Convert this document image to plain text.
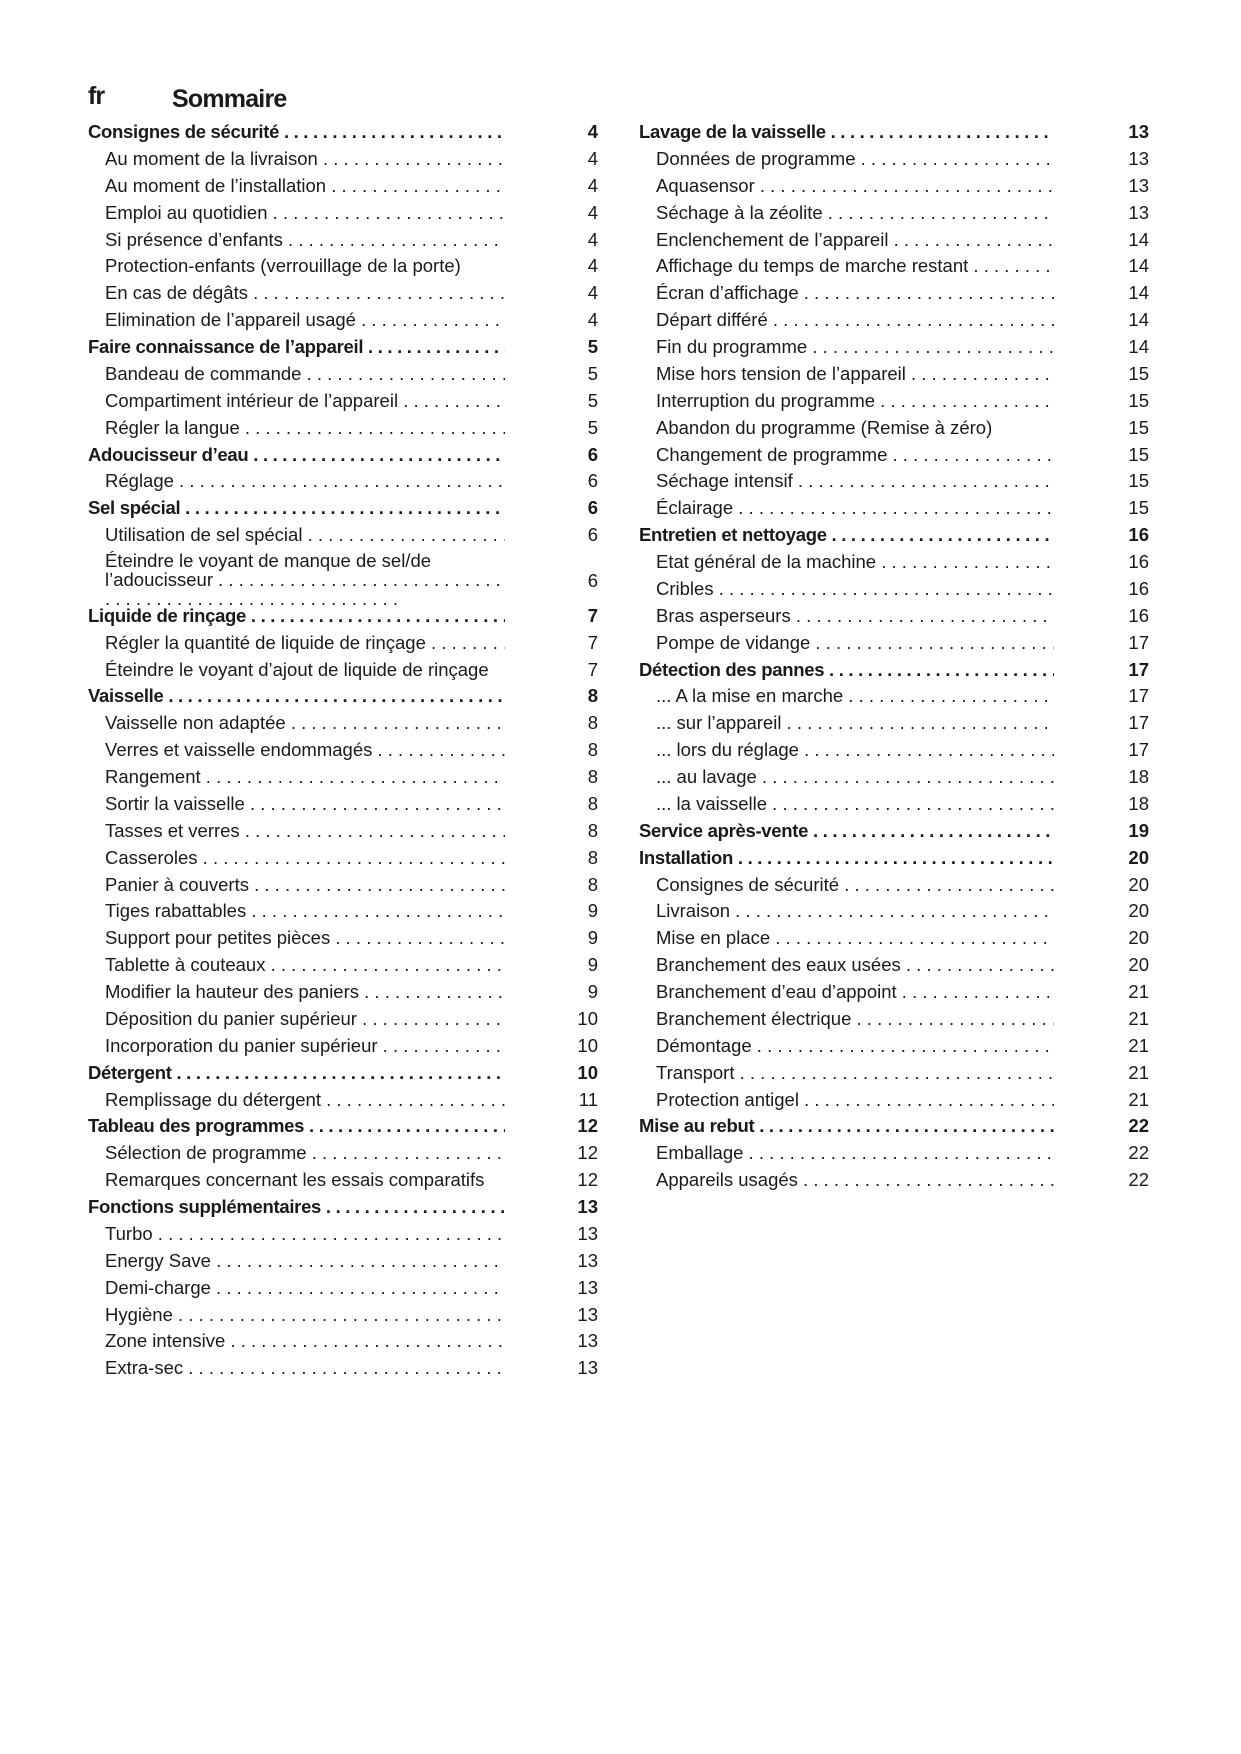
fr	Sommaire
Consignes de sécurité . . .	4
Au moment de la livraison . . .	4
Au moment de l’installation . . .	4
Emploi au quotidien . . .	4
Si présence d’enfants . . .	4
Protection-enfants (verrouillage de la porte)	4
En cas de dégâts . . .	4
Elimination de l’appareil usagé . . .	4
Faire connaissance de l’appareil . . .	5
Bandeau de commande . . .	5
Compartiment intérieur de l’appareil . . .	5
Régler la langue . . .	5
Adoucisseur d’eau . . .	6
Réglage . . .	6
Sel spécial . . .	6
Utilisation de sel spécial . . .	6
Éteindre le voyant de manque de sel/de l’adoucisseur . . .	6
Liquide de rinçage . . .	7
Régler la quantité de liquide de rinçage . . .	7
Éteindre le voyant d’ajout de liquide de rinçage	7
Vaisselle . . .	8
Vaisselle non adaptée . . .	8
Verres et vaisselle endommagés . . .	8
Rangement . . .	8
Sortir la vaisselle . . .	8
Tasses et verres . . .	8
Casseroles . . .	8
Panier à couverts . . .	8
Tiges rabattables . . .	9
Support pour petites pièces . . .	9
Tablette à couteaux . . .	9
Modifier la hauteur des paniers . . .	9
Déposition du panier supérieur . . .	10
Incorporation du panier supérieur . . .	10
Détergent . . .	10
Remplissage du détergent . . .	11
Tableau des programmes . . .	12
Sélection de programme . . .	12
Remarques concernant les essais comparatifs	12
Fonctions supplémentaires . . .	13
Turbo . . .	13
Energy Save . . .	13
Demi-charge . . .	13
Hygiène . . .	13
Zone intensive . . .	13
Extra-sec . . .	13
Lavage de la vaisselle . . .	13
Données de programme . . .	13
Aquasensor . . .	13
Séchage à la zéolite . . .	13
Enclenchement de l’appareil . . .	14
Affichage du temps de marche restant . . .	14
Écran d’affichage . . .	14
Départ différé . . .	14
Fin du programme . . .	14
Mise hors tension de l’appareil . . .	15
Interruption du programme . . .	15
Abandon du programme (Remise à zéro)	15
Changement de programme . . .	15
Séchage intensif . . .	15
Éclairage . . .	15
Entretien et nettoyage . . .	16
Etat général de la machine . . .	16
Cribles . . .	16
Bras asperseurs . . .	16
Pompe de vidange . . .	17
Détection des pannes . . .	17
... A la mise en marche . . .	17
... sur l’appareil . . .	17
... lors du réglage . . .	17
... au lavage . . .	18
... la vaisselle . . .	18
Service après-vente . . .	19
Installation . . .	20
Consignes de sécurité . . .	20
Livraison . . .	20
Mise en place . . .	20
Branchement des eaux usées . . .	20
Branchement d’eau d’appoint . . .	21
Branchement électrique . . .	21
Démontage . . .	21
Transport . . .	21
Protection antigel . . .	21
Mise au rebut . . .	22
Emballage . . .	22
Appareils usagés . . .	22
